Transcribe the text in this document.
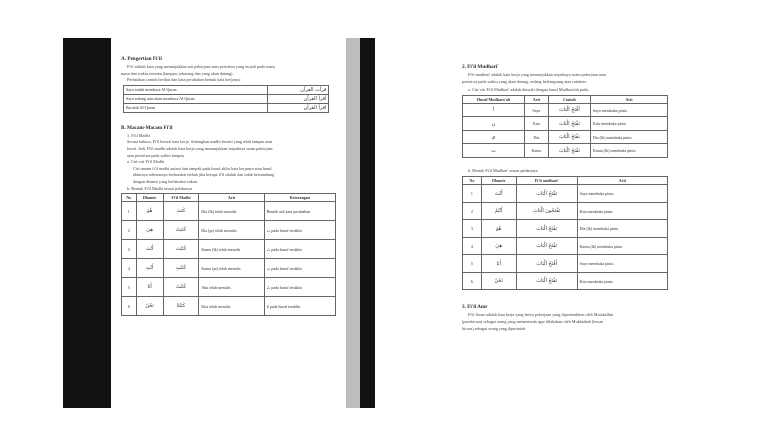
A. Pengertian Fi'il
Fi'il adalah kata yang menunjukkan arti pekerjaan atau peristiwa yang terjadi pada suatu
masa dan waktu tertentu (lampau, sekarang dan yang akan datang).
Perhatikan contoh berikut dan kata perubahan bentuk kata kerjanya:
Saya sudah membaca Al-Quran	قرأت القرآن
Saya sedang atau akan membaca Al-Quran	أقرأ القرآن
Bacalah Al-Quran	اقرأ القرآن
B. Macam-Macam Fi'il
1. Fi'il Madhi
Secara bahasa, Fi'il berarti kata kerja. Sedangkan madhi berarti yang telah lampau atau
lewat. Jadi, Fi'il madhi adalah kata kerja yang menunjukkan terjadinya suatu pekerjaan
atau peristiwa pada waktu lampau.
a. Ciri-ciri Fi'il Madhi
Ciri umum fi'il madhi antara lain tampak pada huruf akhir kata kerjanya atau huruf
akhirnya sebenarnya berharakat fathah jika berupa fi'il shahih dan tidak bersambung
dengan dhamir yang berharakat sukun.
b. Bentuk Fi'il Madhi sesuai pelakunya
No	Dhamir	Fi'il Madhi	Arti	Keterangan
1	هُوَ	كَتَبَ	Dia (lk) telah menulis	Bentuk asli kata perubahan
2	هِيَ	كَتَبَتْ	Dia (pr) telah menulis	ت pada huruf terakhir
3	أَنْتَ	كَتَبْتَ	Kamu (lk) telah menulis	تَ pada huruf terakhir
4	أَنْتِ	كَتَبْتِ	Kamu (pr) telah menulis	تِ pada huruf terakhir
5	أَنَا	كَتَبْتُ	Aku telah menulis	تُ pada huruf terakhir
6	نَحْنُ	كَتَبْنَا	Kita telah menulis	نَا pada huruf terakhir
2. Fi'il Mudhari'
Fi'il mudhari' adalah kata kerja yang menunjukkan terjadinya suatu pekerjaan atau
peristiwa pada waktu yang akan datang, sedang berlangsung atau rutinitas.
a. Ciri-ciri Fi'il Mudhari' adalah diawali dengan huruf Mudhara'ah pada,
Huruf Mudhara'ah	Arti	Contoh	Arti
أ	Saya	أَفْتَحُ الْبَابَ	Saya membuka pintu
ن	Kita	نَفْتَحُ الْبَابَ	Kita membuka pintu
ي	Dia	يَفْتَحُ الْبَابَ	Dia (lk) membuka pintu
ت	Kamu	تَفْتَحُ الْبَابَ	Kamu (lk) membuka pintu
b. Bentuk Fi'il Mudhari' sesuai pelakunya
No	Dhamir	Fi'il mudhari'	Arti
1	أَنْتَ	تَفْتَحُ الْبَابَ	Saya membuka pintu
2	أَنْتُمْ	تَفْتَحُونَ الْبَابَ	Kita membuka pintu
3	هُوَ	يَفْتَحُ الْبَابَ	Dia (lk) membuka pintu
4	هِيَ	تَفْتَحُ الْبَابَ	Kamu (lk) membuka pintu
5	أَنَا	أَفْتَحُ الْبَابَ	Saya membuka pintu
6	نَحْنُ	نَفْتَحُ الْبَابَ	Kita membuka pintu
3. Fi'il Amr
Fi'il Amar adalah kata kerja yang berisi pekerjaan yang diperintahkan oleh Mutakallim
(pembicara) sebagai orang yang memerintah agar dilakukan oleh Mukhathab (lawan
bicara) sebagai orang yang diperintah.
